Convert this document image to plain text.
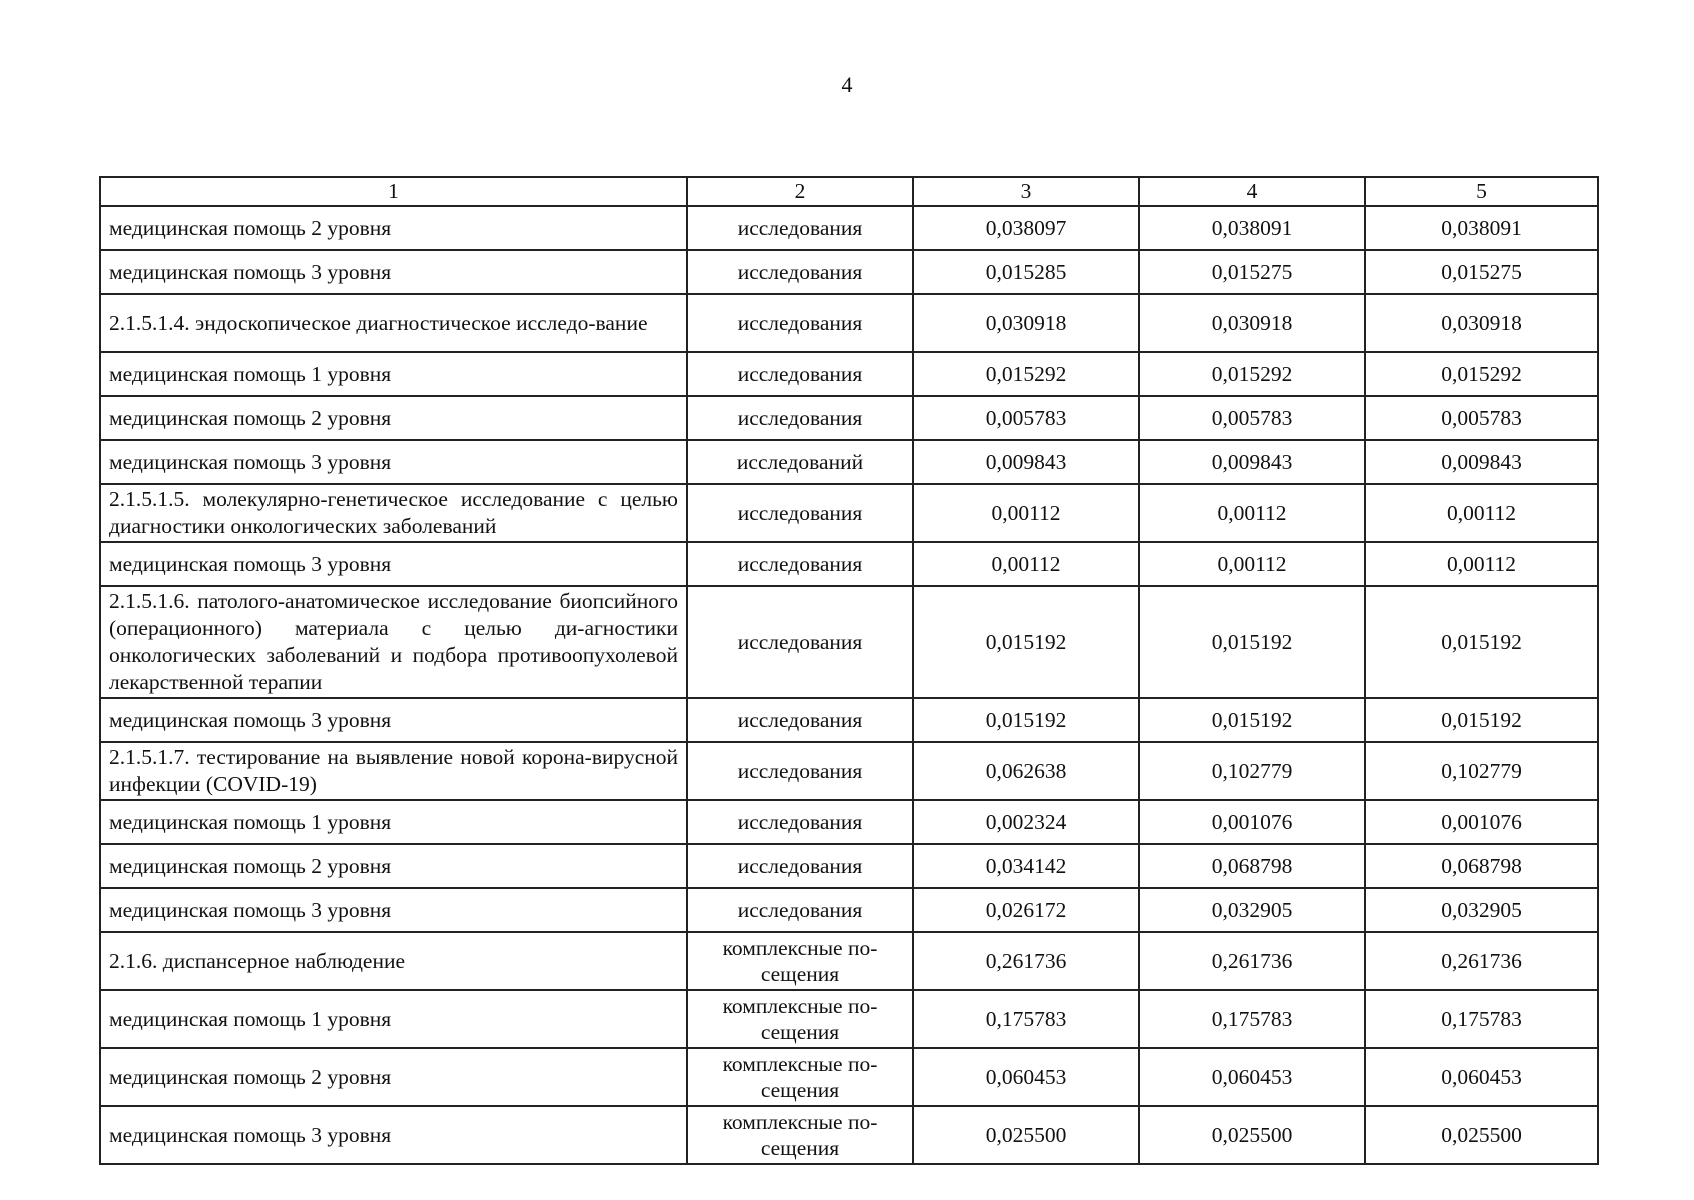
4
1	2	3	4	5
медицинская помощь 2 уровня	исследования	0,038097	0,038091	0,038091
медицинская помощь 3 уровня	исследования	0,015285	0,015275	0,015275
2.1.5.1.4. эндоскопическое диагностическое исследо-вание	исследования	0,030918	0,030918	0,030918
медицинская помощь 1 уровня	исследования	0,015292	0,015292	0,015292
медицинская помощь 2 уровня	исследования	0,005783	0,005783	0,005783
медицинская помощь 3 уровня	исследований	0,009843	0,009843	0,009843
2.1.5.1.5. молекулярно-генетическое исследование с целью диагностики онкологических заболеваний	исследования	0,00112	0,00112	0,00112
медицинская помощь 3 уровня	исследования	0,00112	0,00112	0,00112
2.1.5.1.6. патолого-анатомическое исследование биопсийного (операционного) материала с целью ди-агностики онкологических заболеваний и подбора противоопухолевой лекарственной терапии	исследования	0,015192	0,015192	0,015192
медицинская помощь 3 уровня	исследования	0,015192	0,015192	0,015192
2.1.5.1.7. тестирование на выявление новой корона-вирусной инфекции (COVID-19)	исследования	0,062638	0,102779	0,102779
медицинская помощь 1 уровня	исследования	0,002324	0,001076	0,001076
медицинская помощь 2 уровня	исследования	0,034142	0,068798	0,068798
медицинская помощь 3 уровня	исследования	0,026172	0,032905	0,032905
2.1.6. диспансерное наблюдение	комплексные по-сещения	0,261736	0,261736	0,261736
медицинская помощь 1 уровня	комплексные по-сещения	0,175783	0,175783	0,175783
медицинская помощь 2 уровня	комплексные по-сещения	0,060453	0,060453	0,060453
медицинская помощь 3 уровня	комплексные по-сещения	0,025500	0,025500	0,025500
